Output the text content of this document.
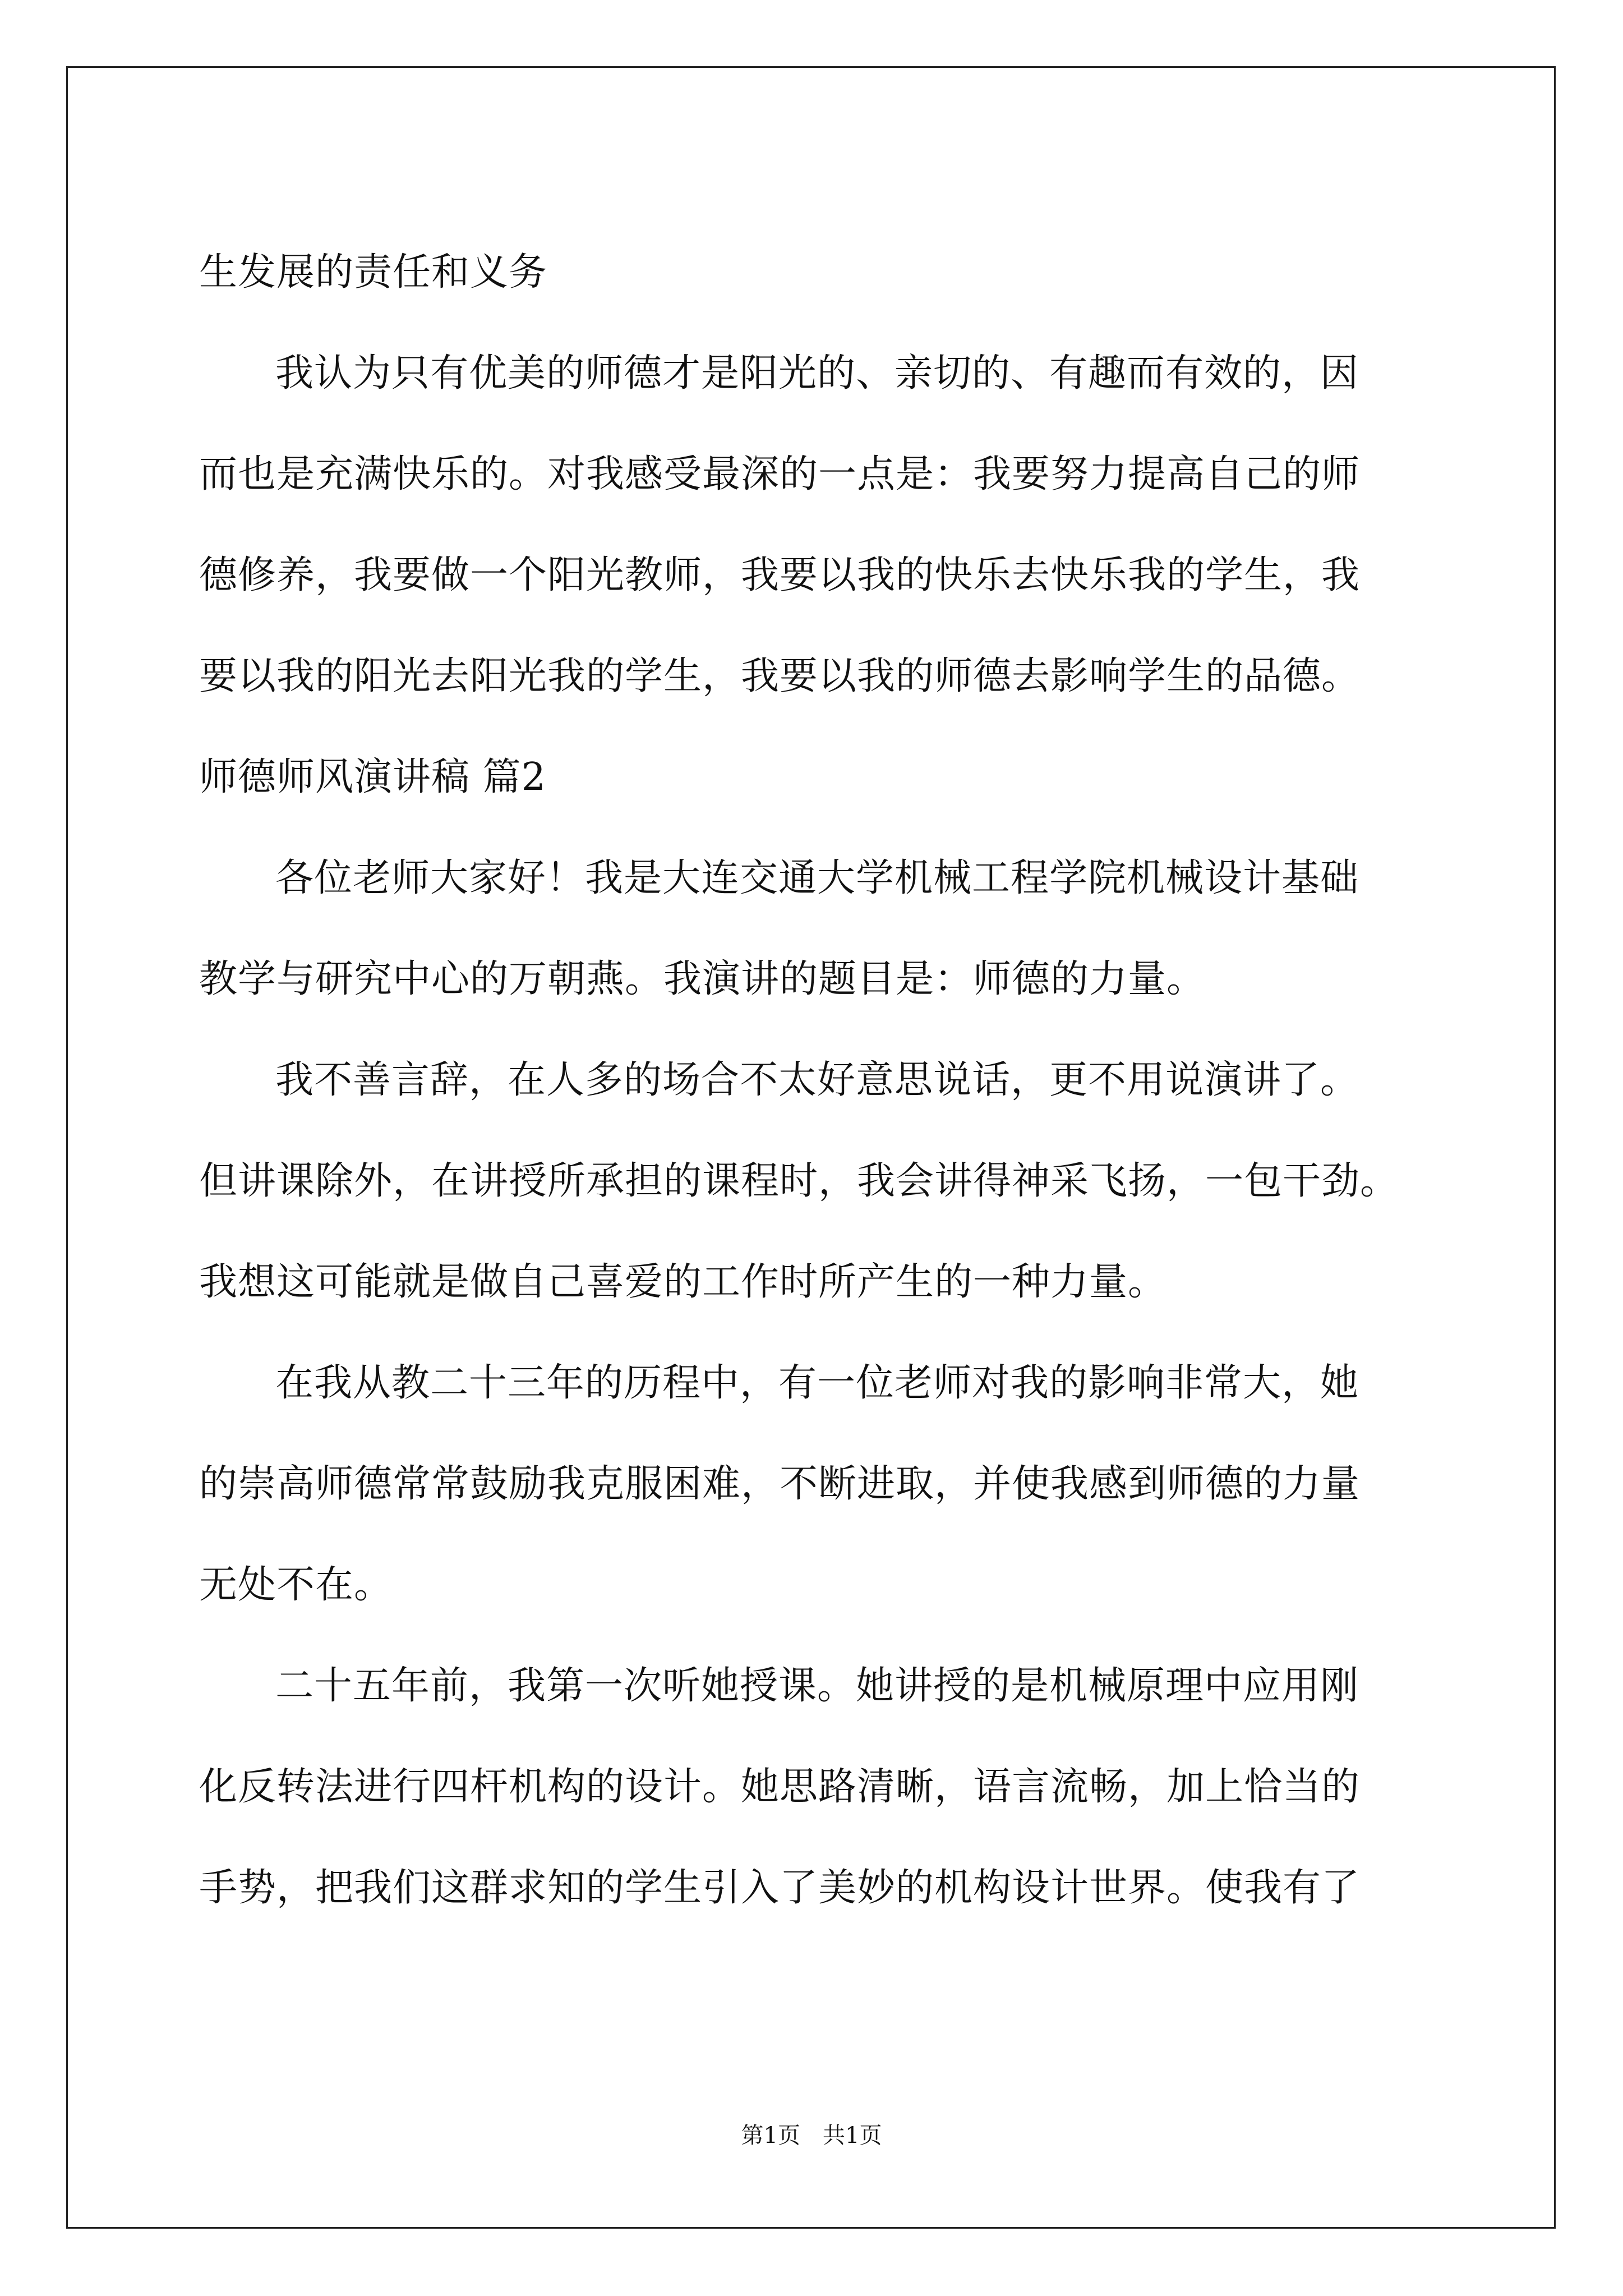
生发展的责任和义务
我认为只有优美的师德才是阳光的、亲切的、有趣而有效的，因
而也是充满快乐的。对我感受最深的一点是：我要努力提高自己的师
德修养，我要做一个阳光教师，我要以我的快乐去快乐我的学生，我
要以我的阳光去阳光我的学生，我要以我的师德去影响学生的品德。
师德师风演讲稿 篇2
各位老师大家好！我是大连交通大学机械工程学院机械设计基础
教学与研究中心的万朝燕。我演讲的题目是：师德的力量。
我不善言辞，在人多的场合不太好意思说话，更不用说演讲了。
但讲课除外，在讲授所承担的课程时，我会讲得神采飞扬，一包干劲。
我想这可能就是做自己喜爱的工作时所产生的一种力量。
在我从教二十三年的历程中，有一位老师对我的影响非常大，她
的崇高师德常常鼓励我克服困难，不断进取，并使我感到师德的力量
无处不在。
二十五年前，我第一次听她授课。她讲授的是机械原理中应用刚
化反转法进行四杆机构的设计。她思路清晰，语言流畅，加上恰当的
手势，把我们这群求知的学生引入了美妙的机构设计世界。使我有了
第1页 共1页
